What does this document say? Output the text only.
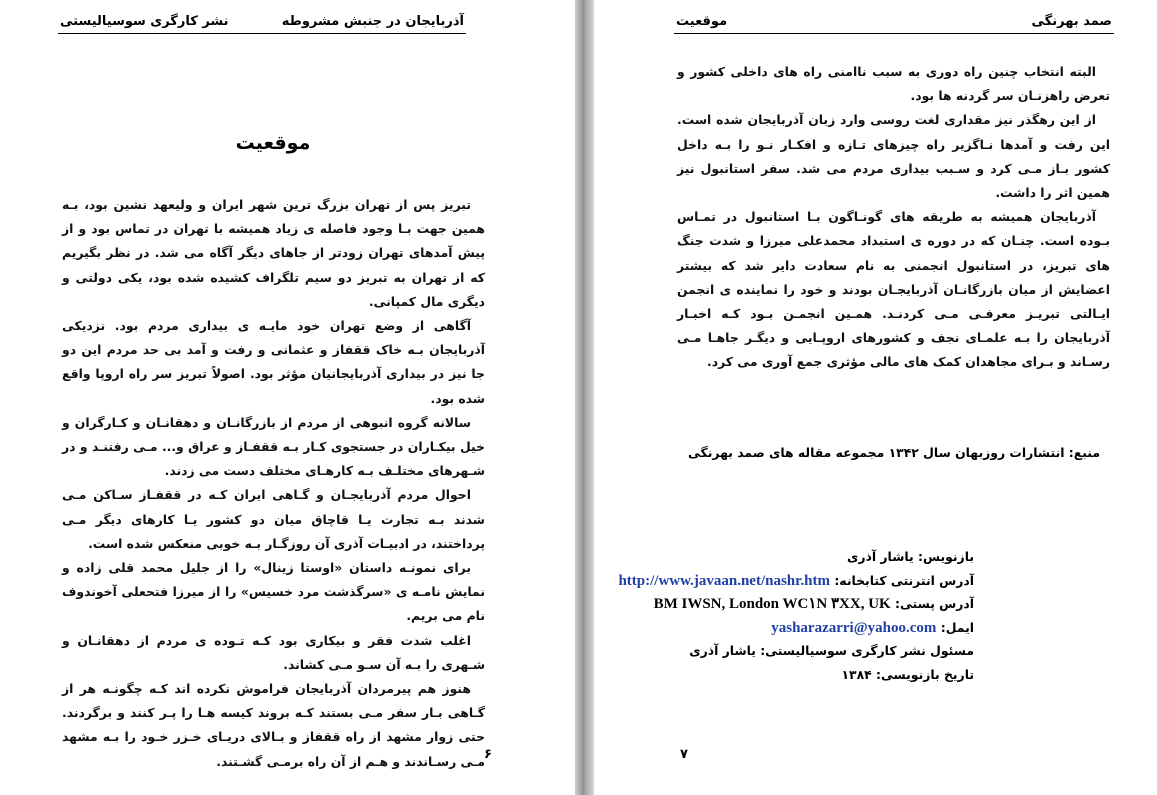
نشر کارگری سوسیالیستی	آذربایجان در جنبش مشروطه
موقعیت

تبریز پس از تهران بزرگ ترین شهر ایران و ولیعهد نشین بود، بـه همین جهت بـا وجود فاصله ی زیاد همیشه با تهران در تماس بود و از پیش آمدهای تهران زودتر از جاهای دیگر آگاه می شد. در نظر بگیریم که از تهران به تبریز دو سیم تلگراف کشیده شده بود، یکی دولتی و دیگری مال کمپانی.

آگاهی از وضع تهران خود مایـه ی بیداری مردم بود. نزدیکی آذربایجان بـه خاک ققفاز و عثمانی و رفت و آمد بی حد مردم این دو جا نیز در بیداری آذربایجانیان مؤثر بود. اصولاً تبریز سر راه اروپا واقع شده بود.

سالانه گروه انبوهی از مردم از بازرگانـان و دهقانـان و کـارگران و خیل بیکـاران در جستجوی کـار بـه ققفـاز و عراق و... مـی رفتنـد و در شـهرهای مختلـف بـه کارهـای مختلف دست می زدند.

احوال مردم آذربایجـان و گـاهی ایران کـه در ققفـاز سـاکن مـی شدند بـه تجارت یـا قاچاق میان دو کشور یـا کارهای دیگر مـی پرداختند، در ادبیـات آذری آن روزگـار بـه خوبی منعکس شده است.

برای نمونـه داستان «اوستا زینال» را از جلیل محمد قلی زاده و نمایش نامـه ی «سرگذشت مرد خسیس» را از میرزا فتحعلی آخوندوف نام می بریم.

اغلب شدت فقر و بیکاری بود کـه تـوده ی مردم از دهقانـان و شـهری را بـه آن سـو مـی کشاند.

هنوز هم پیرمردان آذربایجان فراموش نکرده اند کـه چگونـه هر از گـاهی بـار سفر مـی بستند کـه بروند کیسه هـا را پـر کنند و برگردند. حتی زوار مشهد از راه ققفاز و بـالای دریـای خـزر خـود را بـه مشهد مـی رسـاندند و هـم از آن راه برمـی گشـتند. ۶
موقعیت	صمد بهرنگی

البته انتخاب چنین راه دوری به سبب ناامنی راه های داخلی کشور و تعرض راهزنـان سر گردنه ها بود.

از این رهگذر نیز مقداری لغت روسی وارد زبان آذربایجان شده است. این رفت و آمدها نـاگزیر راه چیزهای تـازه و افکـار نـو را بـه داخل کشور بـاز مـی کرد و سـبب بیداری مردم می شد. سفر استانبول نیز همین اثر را داشت.

آذربایجان همیشه به طریقه های گونـاگون بـا استانبول در تمـاس بـوده است. چنـان که در دوره ی استبداد محمدعلی میرزا و شدت جنگ های تبریز، در استانبول انجمنی به نام سعادت دایر شد که بیشتر اعضایش از میان بازرگانـان آذربایجـان بودند و خود را نماینده ی انجمن ایـالتی تبریـز معرفـی مـی کردنـد. همـین انجمـن بـود کـه اخبـار آذربایجان را بـه علمـای نجف و کشورهای اروپـایی و دیگـر جاهـا مـی رسـاند و بـرای مجاهدان کمک های مالی مؤثری جمع آوری می کرد.

منبع: انتشارات روزبهان سال ۱۳۴۲ مجموعه مقاله های صمد بهرنگی
بازنویس: یاشار آذری
آدرس انترنتی کتابخانه: http://www.javaan.net/nashr.htm
آدرس پستی: BM IWSN, London WC۱N ۳XX, UK
ایمل: yasharazarri@yahoo.com
مسئول نشر کارگری سوسیالیستی: یاشار آذری
تاریخ بازنویسی: ۱۳۸۴
۷
